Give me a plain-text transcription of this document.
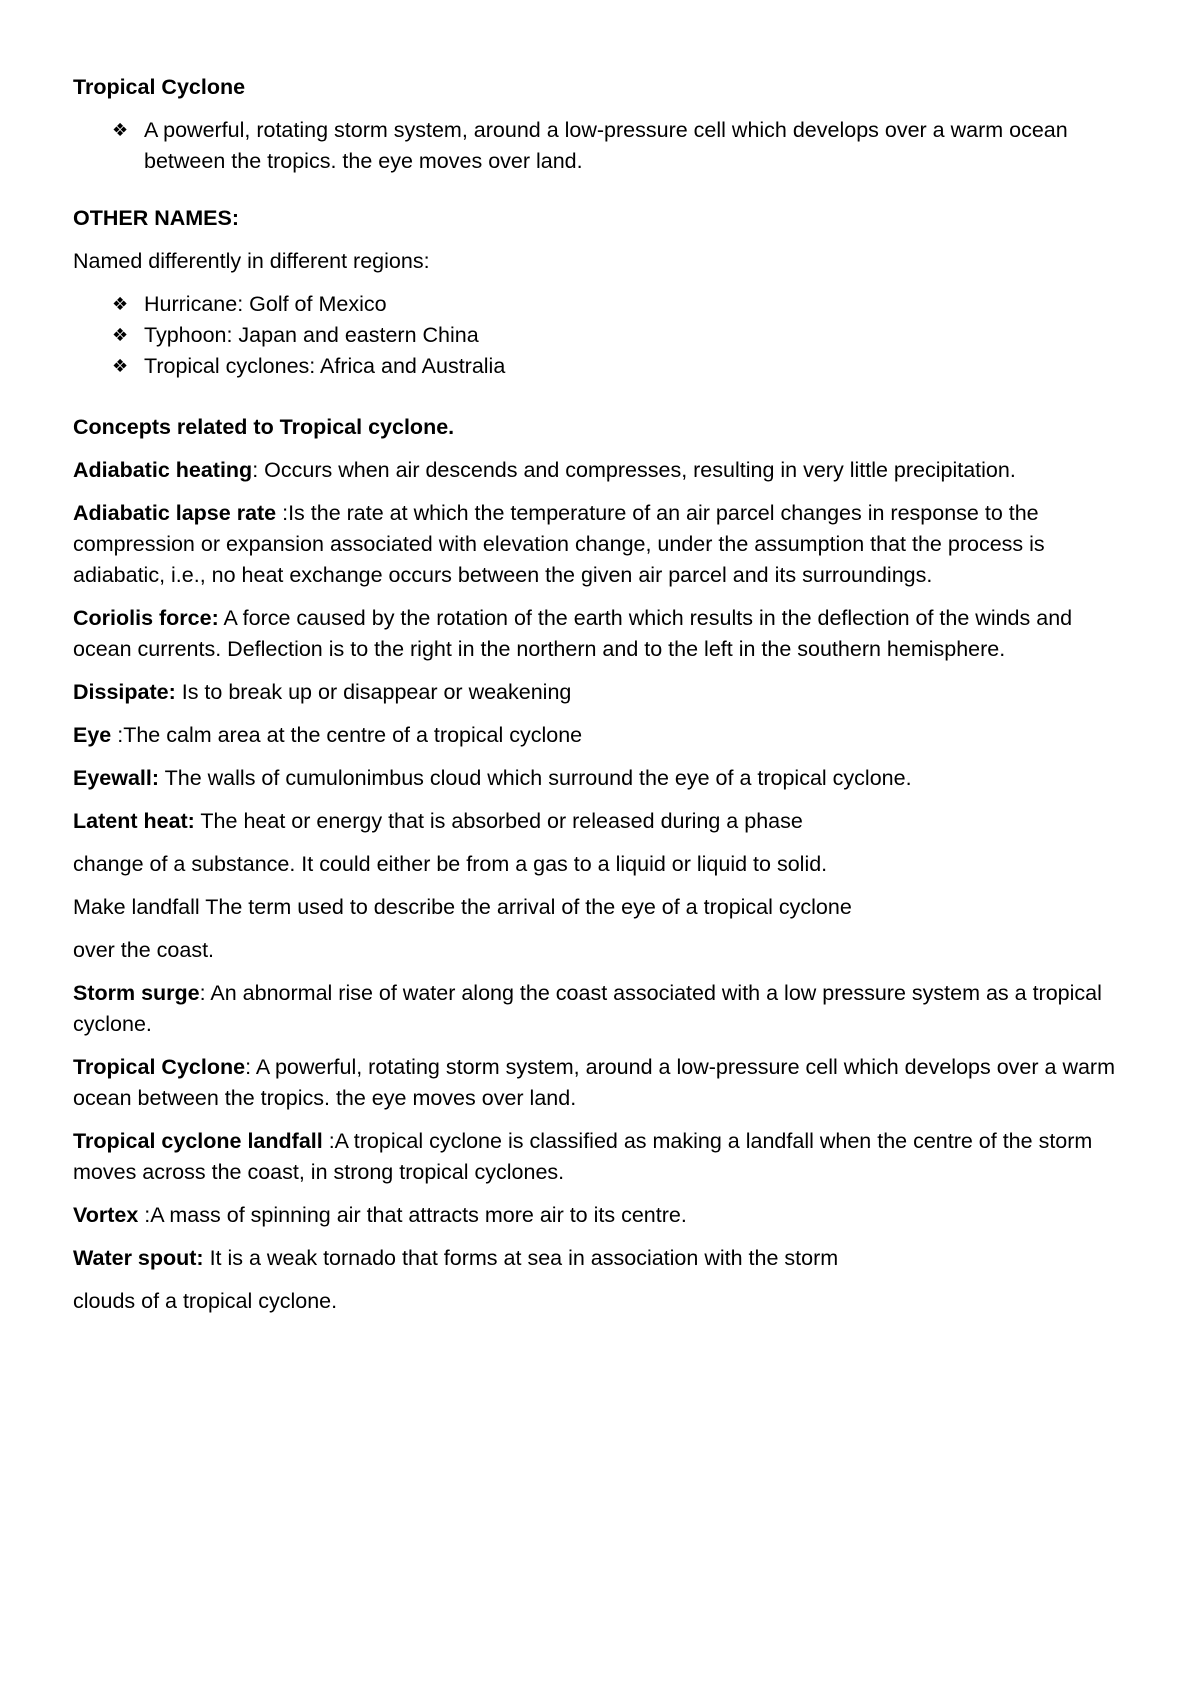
Tropical Cyclone

❖ A powerful, rotating storm system, around a low-pressure cell which develops over a warm ocean between the tropics. the eye moves over land.

OTHER NAMES:

Named differently in different regions:

❖ Hurricane: Golf of Mexico
❖ Typhoon: Japan and eastern China
❖ Tropical cyclones: Africa and Australia

Concepts related to Tropical cyclone.

Adiabatic heating: Occurs when air descends and compresses, resulting in very little precipitation.

Adiabatic lapse rate :Is the rate at which the temperature of an air parcel changes in response to the compression or expansion associated with elevation change, under the assumption that the process is adiabatic, i.e., no heat exchange occurs between the given air parcel and its surroundings.

Coriolis force: A force caused by the rotation of the earth which results in the deflection of the winds and ocean currents. Deflection is to the right in the northern and to the left in the southern hemisphere.

Dissipate: Is to break up or disappear or weakening

Eye :The calm area at the centre of a tropical cyclone

Eyewall: The walls of cumulonimbus cloud which surround the eye of a tropical cyclone.

Latent heat: The heat or energy that is absorbed or released during a phase

change of a substance. It could either be from a gas to a liquid or liquid to solid.

Make landfall The term used to describe the arrival of the eye of a tropical cyclone

over the coast.

Storm surge: An abnormal rise of water along the coast associated with a low pressure system as a tropical cyclone.

Tropical Cyclone: A powerful, rotating storm system, around a low-pressure cell which develops over a warm ocean between the tropics. the eye moves over land.

Tropical cyclone landfall :A tropical cyclone is classified as making a landfall when the centre of the storm moves across the coast, in strong tropical cyclones.

Vortex :A mass of spinning air that attracts more air to its centre.

Water spout: It is a weak tornado that forms at sea in association with the storm

clouds of a tropical cyclone.
